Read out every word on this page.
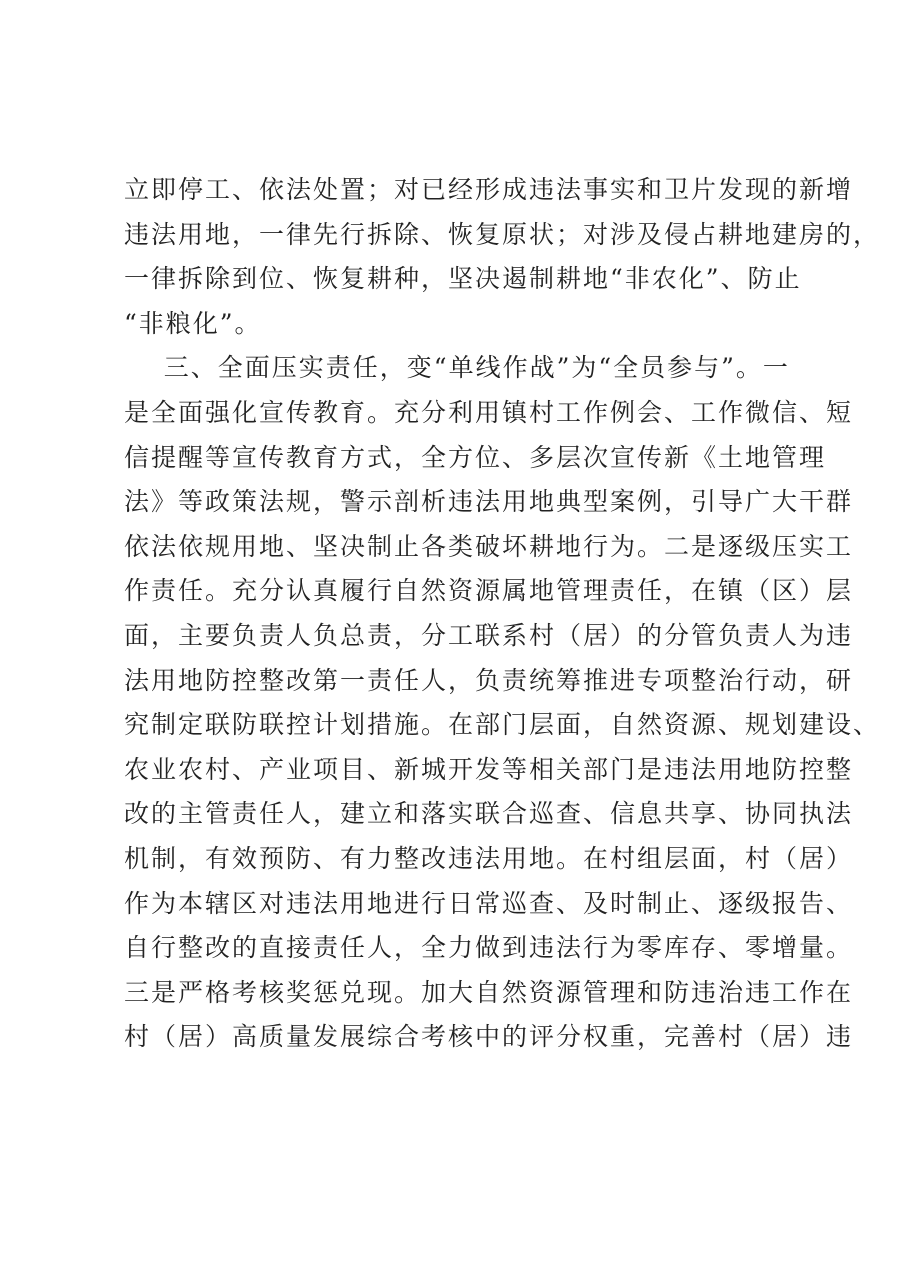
立即停工、依法处置；对已经形成违法事实和卫片发现的新增
违法用地，一律先行拆除、恢复原状；对涉及侵占耕地建房的，
一律拆除到位、恢复耕种，坚决遏制耕地“非农化”、防止
“非粮化”。
三、全面压实责任，变“单线作战”为“全员参与”。一
是全面强化宣传教育。充分利用镇村工作例会、工作微信、短
信提醒等宣传教育方式，全方位、多层次宣传新《土地管理
法》等政策法规，警示剖析违法用地典型案例，引导广大干群
依法依规用地、坚决制止各类破坏耕地行为。二是逐级压实工
作责任。充分认真履行自然资源属地管理责任，在镇（区）层
面，主要负责人负总责，分工联系村（居）的分管负责人为违
法用地防控整改第一责任人，负责统筹推进专项整治行动，研
究制定联防联控计划措施。在部门层面，自然资源、规划建设、
农业农村、产业项目、新城开发等相关部门是违法用地防控整
改的主管责任人，建立和落实联合巡查、信息共享、协同执法
机制，有效预防、有力整改违法用地。在村组层面，村（居）
作为本辖区对违法用地进行日常巡查、及时制止、逐级报告、
自行整改的直接责任人，全力做到违法行为零库存、零增量。
三是严格考核奖惩兑现。加大自然资源管理和防违治违工作在
村（居）高质量发展综合考核中的评分权重，完善村（居）违
